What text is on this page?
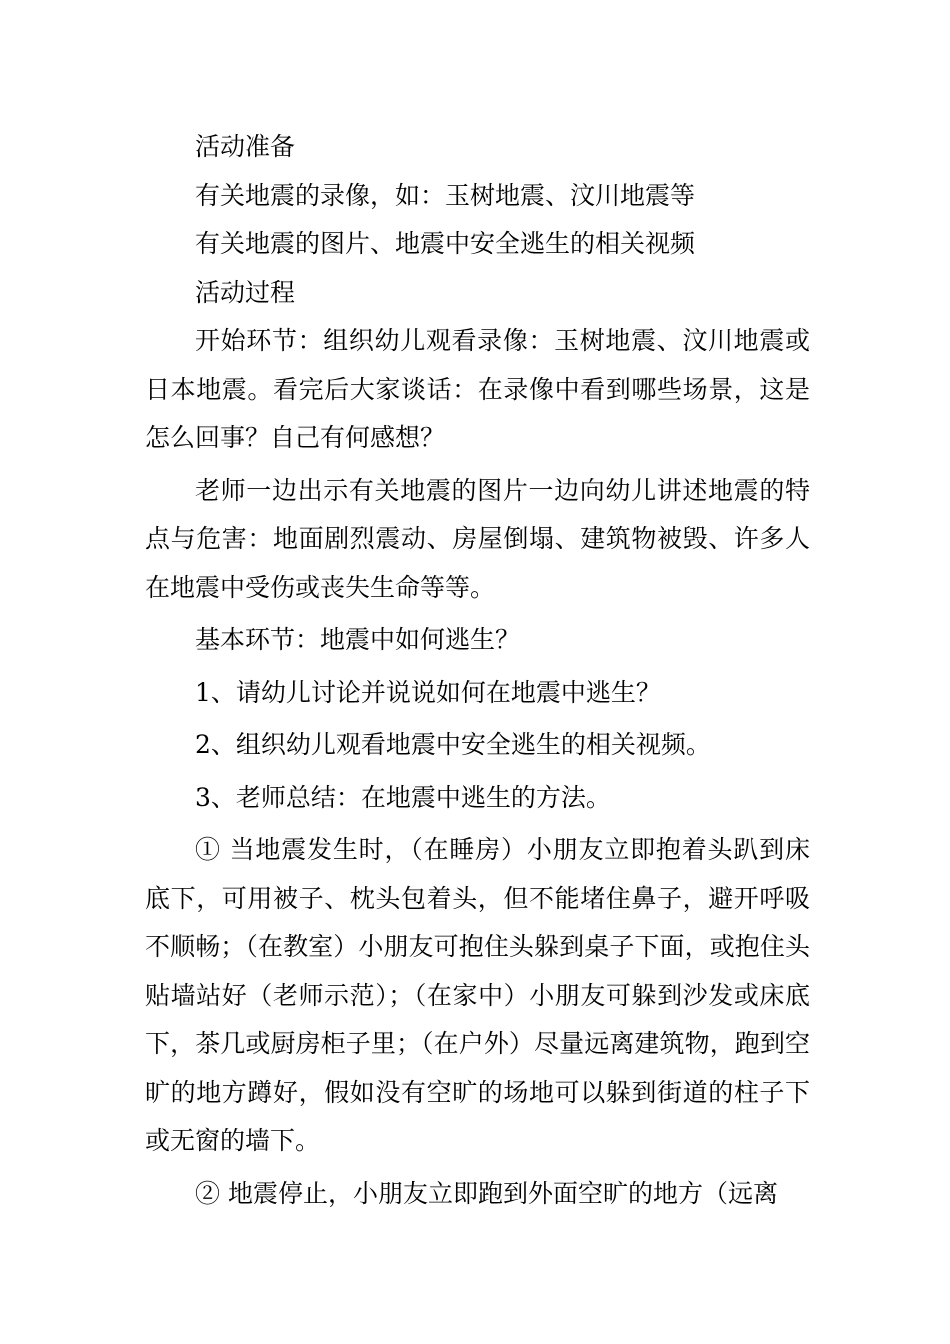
活动准备

有关地震的录像，如：玉树地震、汶川地震等

有关地震的图片、地震中安全逃生的相关视频

活动过程

开始环节：组织幼儿观看录像：玉树地震、汶川地震或日本地震。看完后大家谈话：在录像中看到哪些场景，这是怎么回事？自己有何感想？

老师一边出示有关地震的图片一边向幼儿讲述地震的特点与危害：地面剧烈震动、房屋倒塌、建筑物被毁、许多人在地震中受伤或丧失生命等等。

基本环节：地震中如何逃生？

1、请幼儿讨论并说说如何在地震中逃生？

2、组织幼儿观看地震中安全逃生的相关视频。

3、老师总结：在地震中逃生的方法。

① 当地震发生时，（在睡房）小朋友立即抱着头趴到床底下，可用被子、枕头包着头，但不能堵住鼻子，避开呼吸不顺畅；（在教室）小朋友可抱住头躲到桌子下面，或抱住头贴墙站好（老师示范）；（在家中）小朋友可躲到沙发或床底下，茶几或厨房柜子里；（在户外）尽量远离建筑物，跑到空旷的地方蹲好，假如没有空旷的场地可以躲到街道的柱子下或无窗的墙下。

② 地震停止，小朋友立即跑到外面空旷的地方（远离
